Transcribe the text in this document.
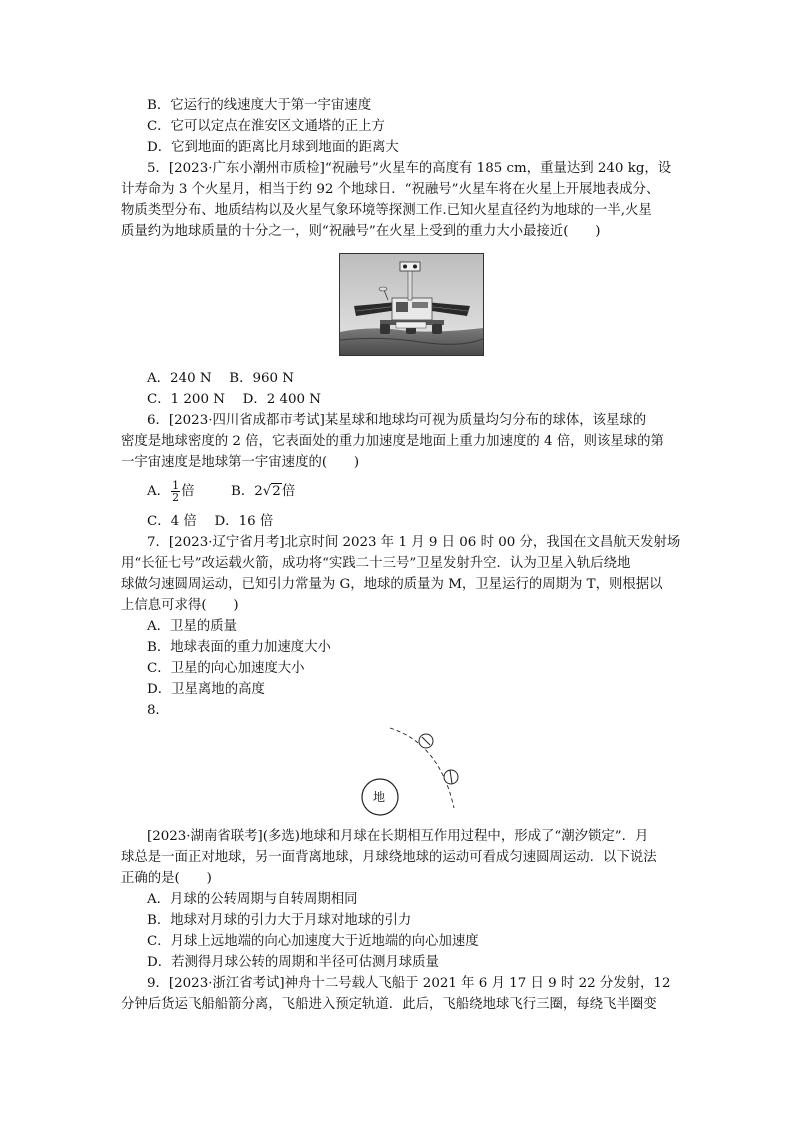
B．它运行的线速度大于第一宇宙速度
C．它可以定点在淮安区文通塔的正上方
D．它到地面的距离比月球到地面的距离大
5．[2023·广东小潮州市质检]“祝融号”火星车的高度有 185 cm，重量达到 240 kg，设
计寿命为 3 个火星月，相当于约 92 个地球日．“祝融号”火星车将在火星上开展地表成分、
物质类型分布、地质结构以及火星气象环境等探测工作.已知火星直径约为地球的一半,火星
质量约为地球质量的十分之一，则“祝融号”在火星上受到的重力大小最接近(　　)
A．240 N　 B．960 N
C．1 200 N　 D．2 400 N
6．[2023·四川省成都市考试]某星球和地球均可视为质量均匀分布的球体，该星球的
密度是地球密度的 2 倍，它表面处的重力加速度是地面上重力加速度的 4 倍，则该星球的第
一宇宙速度是地球第一宇宙速度的(　　)
A． $\frac{1}{2}$ 倍	B．2√2倍
C．4 倍　 D．16 倍
7．[2023·辽宁省月考]北京时间 2023 年 1 月 9 日 06 时 00 分，我国在文昌航天发射场
用“长征七号”改运载火箭，成功将“实践二十三号”卫星发射升空．认为卫星入轨后绕地
球做匀速圆周运动，已知引力常量为 G，地球的质量为 M，卫星运行的周期为 T，则根据以
上信息可求得(　　)
A．卫星的质量
B．地球表面的重力加速度大小
C．卫星的向心加速度大小
D．卫星离地的高度
8．
地
[2023·湖南省联考](多选)地球和月球在长期相互作用过程中，形成了“潮汐锁定”．月
球总是一面正对地球，另一面背离地球，月球绕地球的运动可看成匀速圆周运动．以下说法
正确的是(　　)
A．月球的公转周期与自转周期相同
B．地球对月球的引力大于月球对地球的引力
C．月球上远地端的向心加速度大于近地端的向心加速度
D．若测得月球公转的周期和半径可估测月球质量
9．[2023·浙江省考试]神舟十二号载人飞船于 2021 年 6 月 17 日 9 时 22 分发射，12
分钟后货运飞船船箭分离，飞船进入预定轨道．此后，飞船绕地球飞行三圈，每绕飞半圈变
